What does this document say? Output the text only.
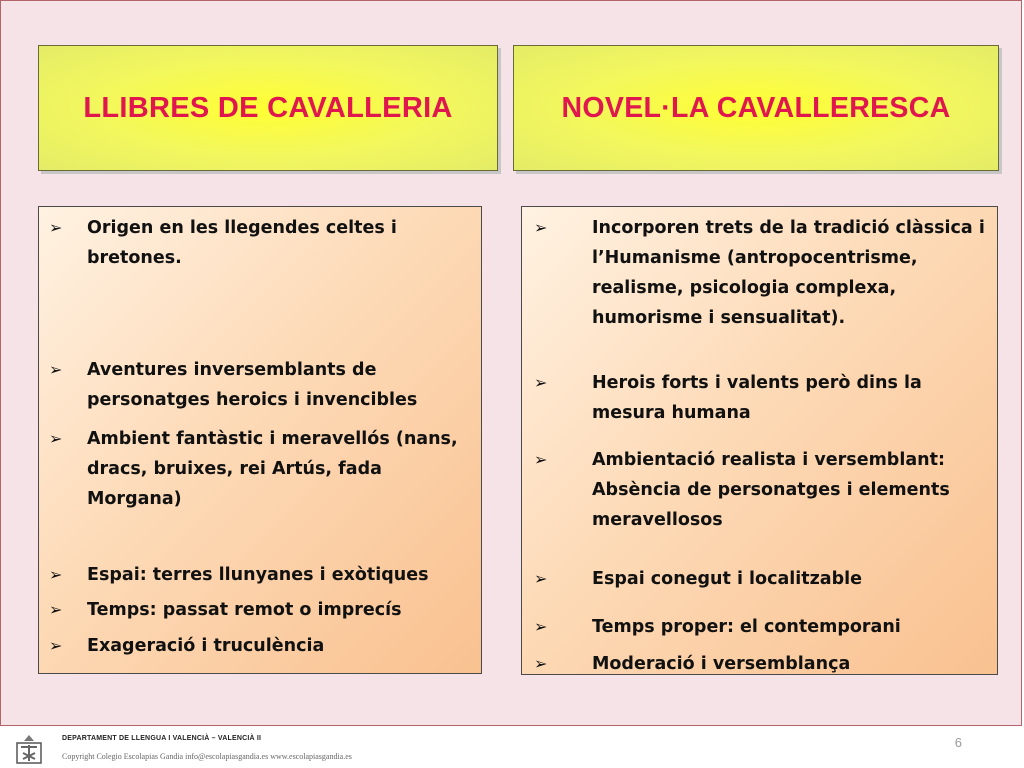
LLIBRES DE CAVALLERIA	NOVEL·LA CAVALLERESCA
➢	Origen en les llegendes celtes i bretones.
➢	Aventures inversemblants de personatges heroics i invencibles
➢	Ambient fantàstic i meravellós (nans, dracs, bruixes, rei Artús, fada Morgana)
➢	Espai: terres llunyanes i exòtiques
➢	Temps: passat remot o imprecís
➢	Exageració i truculència
➢	Incorporen trets de la tradició clàssica i l’Humanisme (antropocentrisme, realisme, psicologia complexa, humorisme i sensualitat).
➢	Herois forts i valents però dins la mesura humana
➢	Ambientació realista i versemblant: Absència de personatges i elements meravellosos
➢	Espai conegut i localitzable
➢	Temps proper: el contemporani
➢	Moderació i versemblança
DEPARTAMENT DE LLENGUA I VALENCIÀ – VALENCIÀ II
Copyright Colegio Escolapias Gandia info@escolapiasgandia.es www.escolapiasgandia.es
6
